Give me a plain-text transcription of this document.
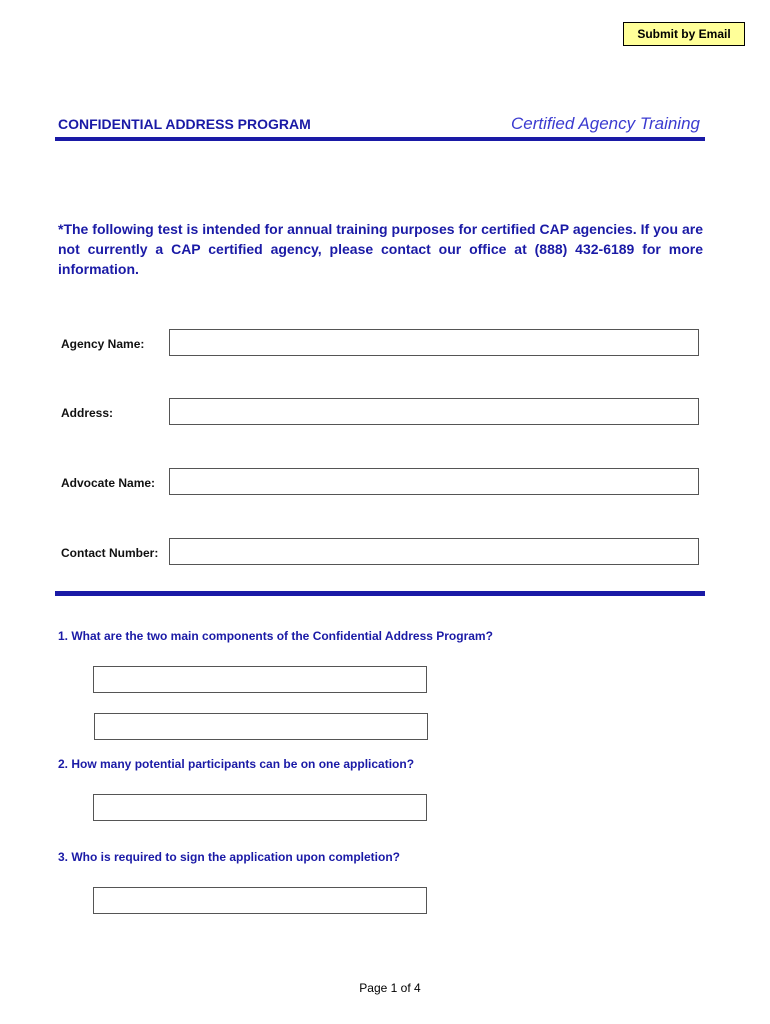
Submit by Email
CONFIDENTIAL ADDRESS PROGRAM	Certified Agency Training
*The following test is intended for annual training purposes for certified CAP agencies. If you are not currently a CAP certified agency, please contact our office at (888) 432-6189 for more information.
Agency Name:
Address:
Advocate Name:
Contact Number:
1. What are the two main components of the Confidential Address Program?
2. How many potential participants can be on one application?
3. Who is required to sign the application upon completion?
Page 1 of 4
